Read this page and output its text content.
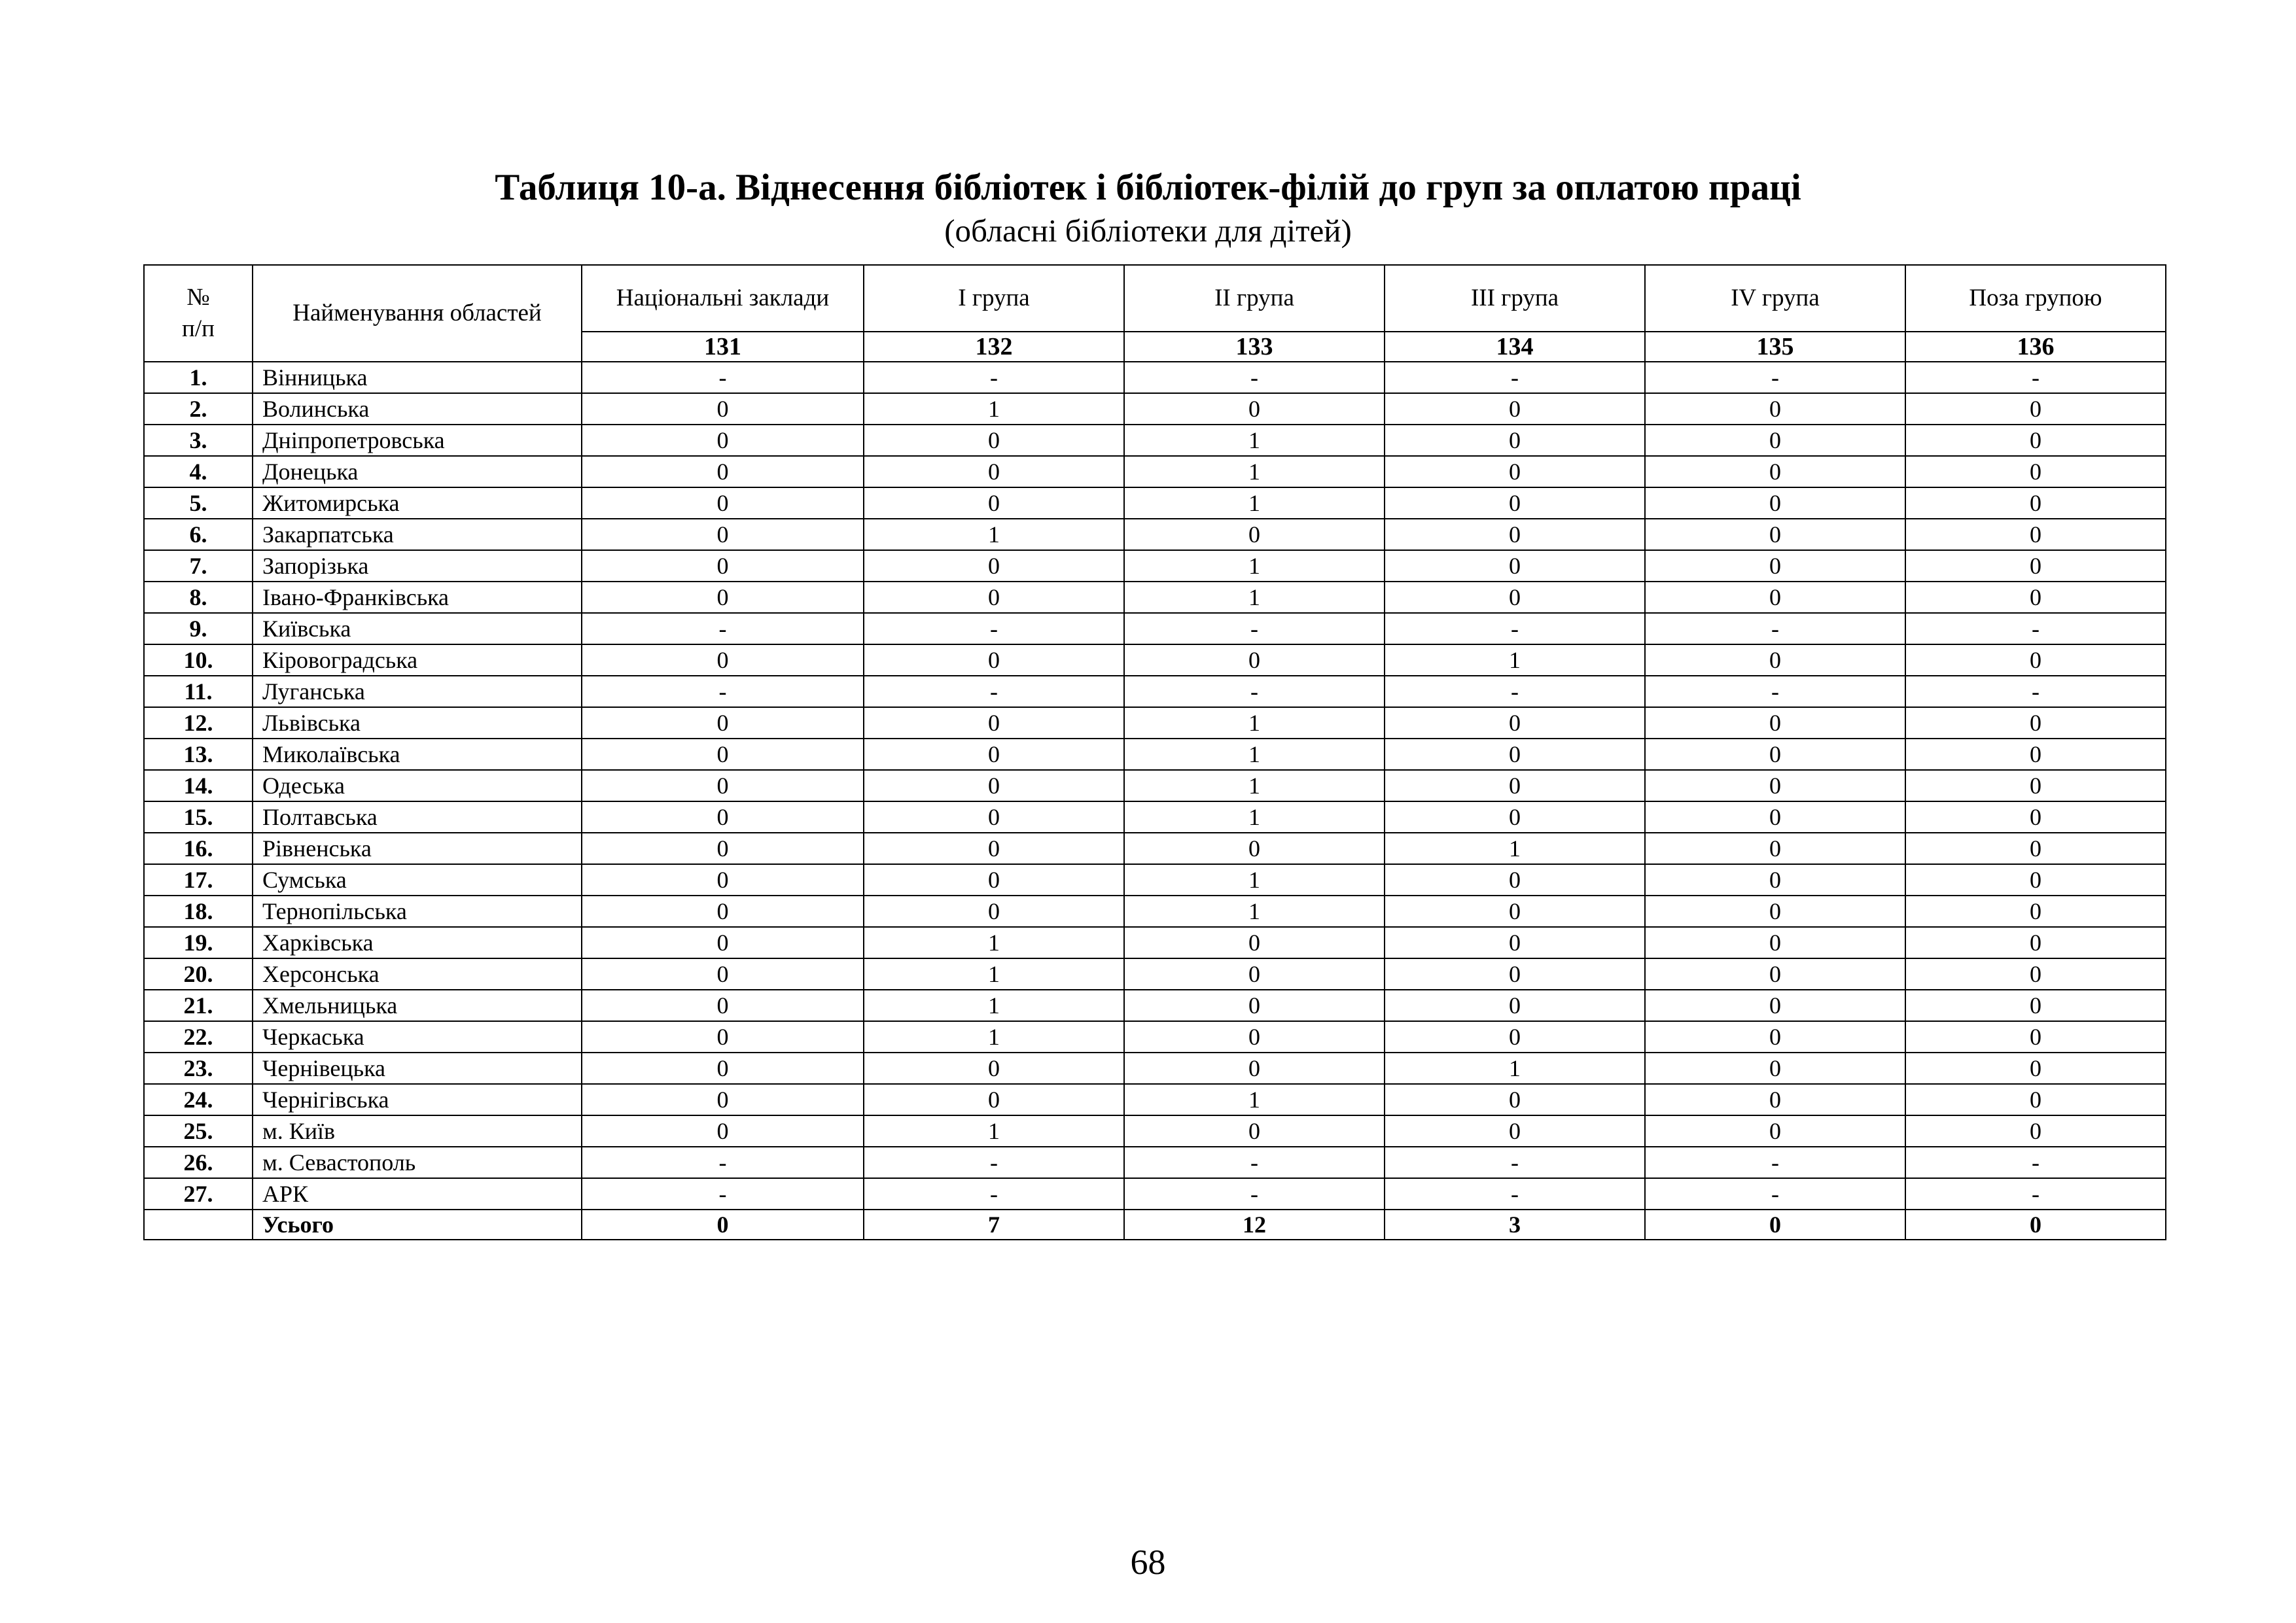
Таблиця 10-а. Віднесення бібліотек і бібліотек-філій до груп за оплатою праці
(обласні бібліотеки для дітей)
№
п/п	Найменування областей	Національні заклади	I група	II група	III група	IV група	Поза групою
		131	132	133	134	135	136
1.	Вінницька	-	-	-	-	-	-
2.	Волинська	0	1	0	0	0	0
3.	Дніпропетровська	0	0	1	0	0	0
4.	Донецька	0	0	1	0	0	0
5.	Житомирська	0	0	1	0	0	0
6.	Закарпатська	0	1	0	0	0	0
7.	Запорізька	0	0	1	0	0	0
8.	Івано-Франківська	0	0	1	0	0	0
9.	Київська	-	-	-	-	-	-
10.	Кіровоградська	0	0	0	1	0	0
11.	Луганська	-	-	-	-	-	-
12.	Львівська	0	0	1	0	0	0
13.	Миколаївська	0	0	1	0	0	0
14.	Одеська	0	0	1	0	0	0
15.	Полтавська	0	0	1	0	0	0
16.	Рівненська	0	0	0	1	0	0
17.	Сумська	0	0	1	0	0	0
18.	Тернопільська	0	0	1	0	0	0
19.	Харківська	0	1	0	0	0	0
20.	Херсонська	0	1	0	0	0	0
21.	Хмельницька	0	1	0	0	0	0
22.	Черкаська	0	1	0	0	0	0
23.	Чернівецька	0	0	0	1	0	0
24.	Чернігівська	0	0	1	0	0	0
25.	м. Київ	0	1	0	0	0	0
26.	м. Севастополь	-	-	-	-	-	-
27.	АРК	-	-	-	-	-	-
	Усього	0	7	12	3	0	0
68
